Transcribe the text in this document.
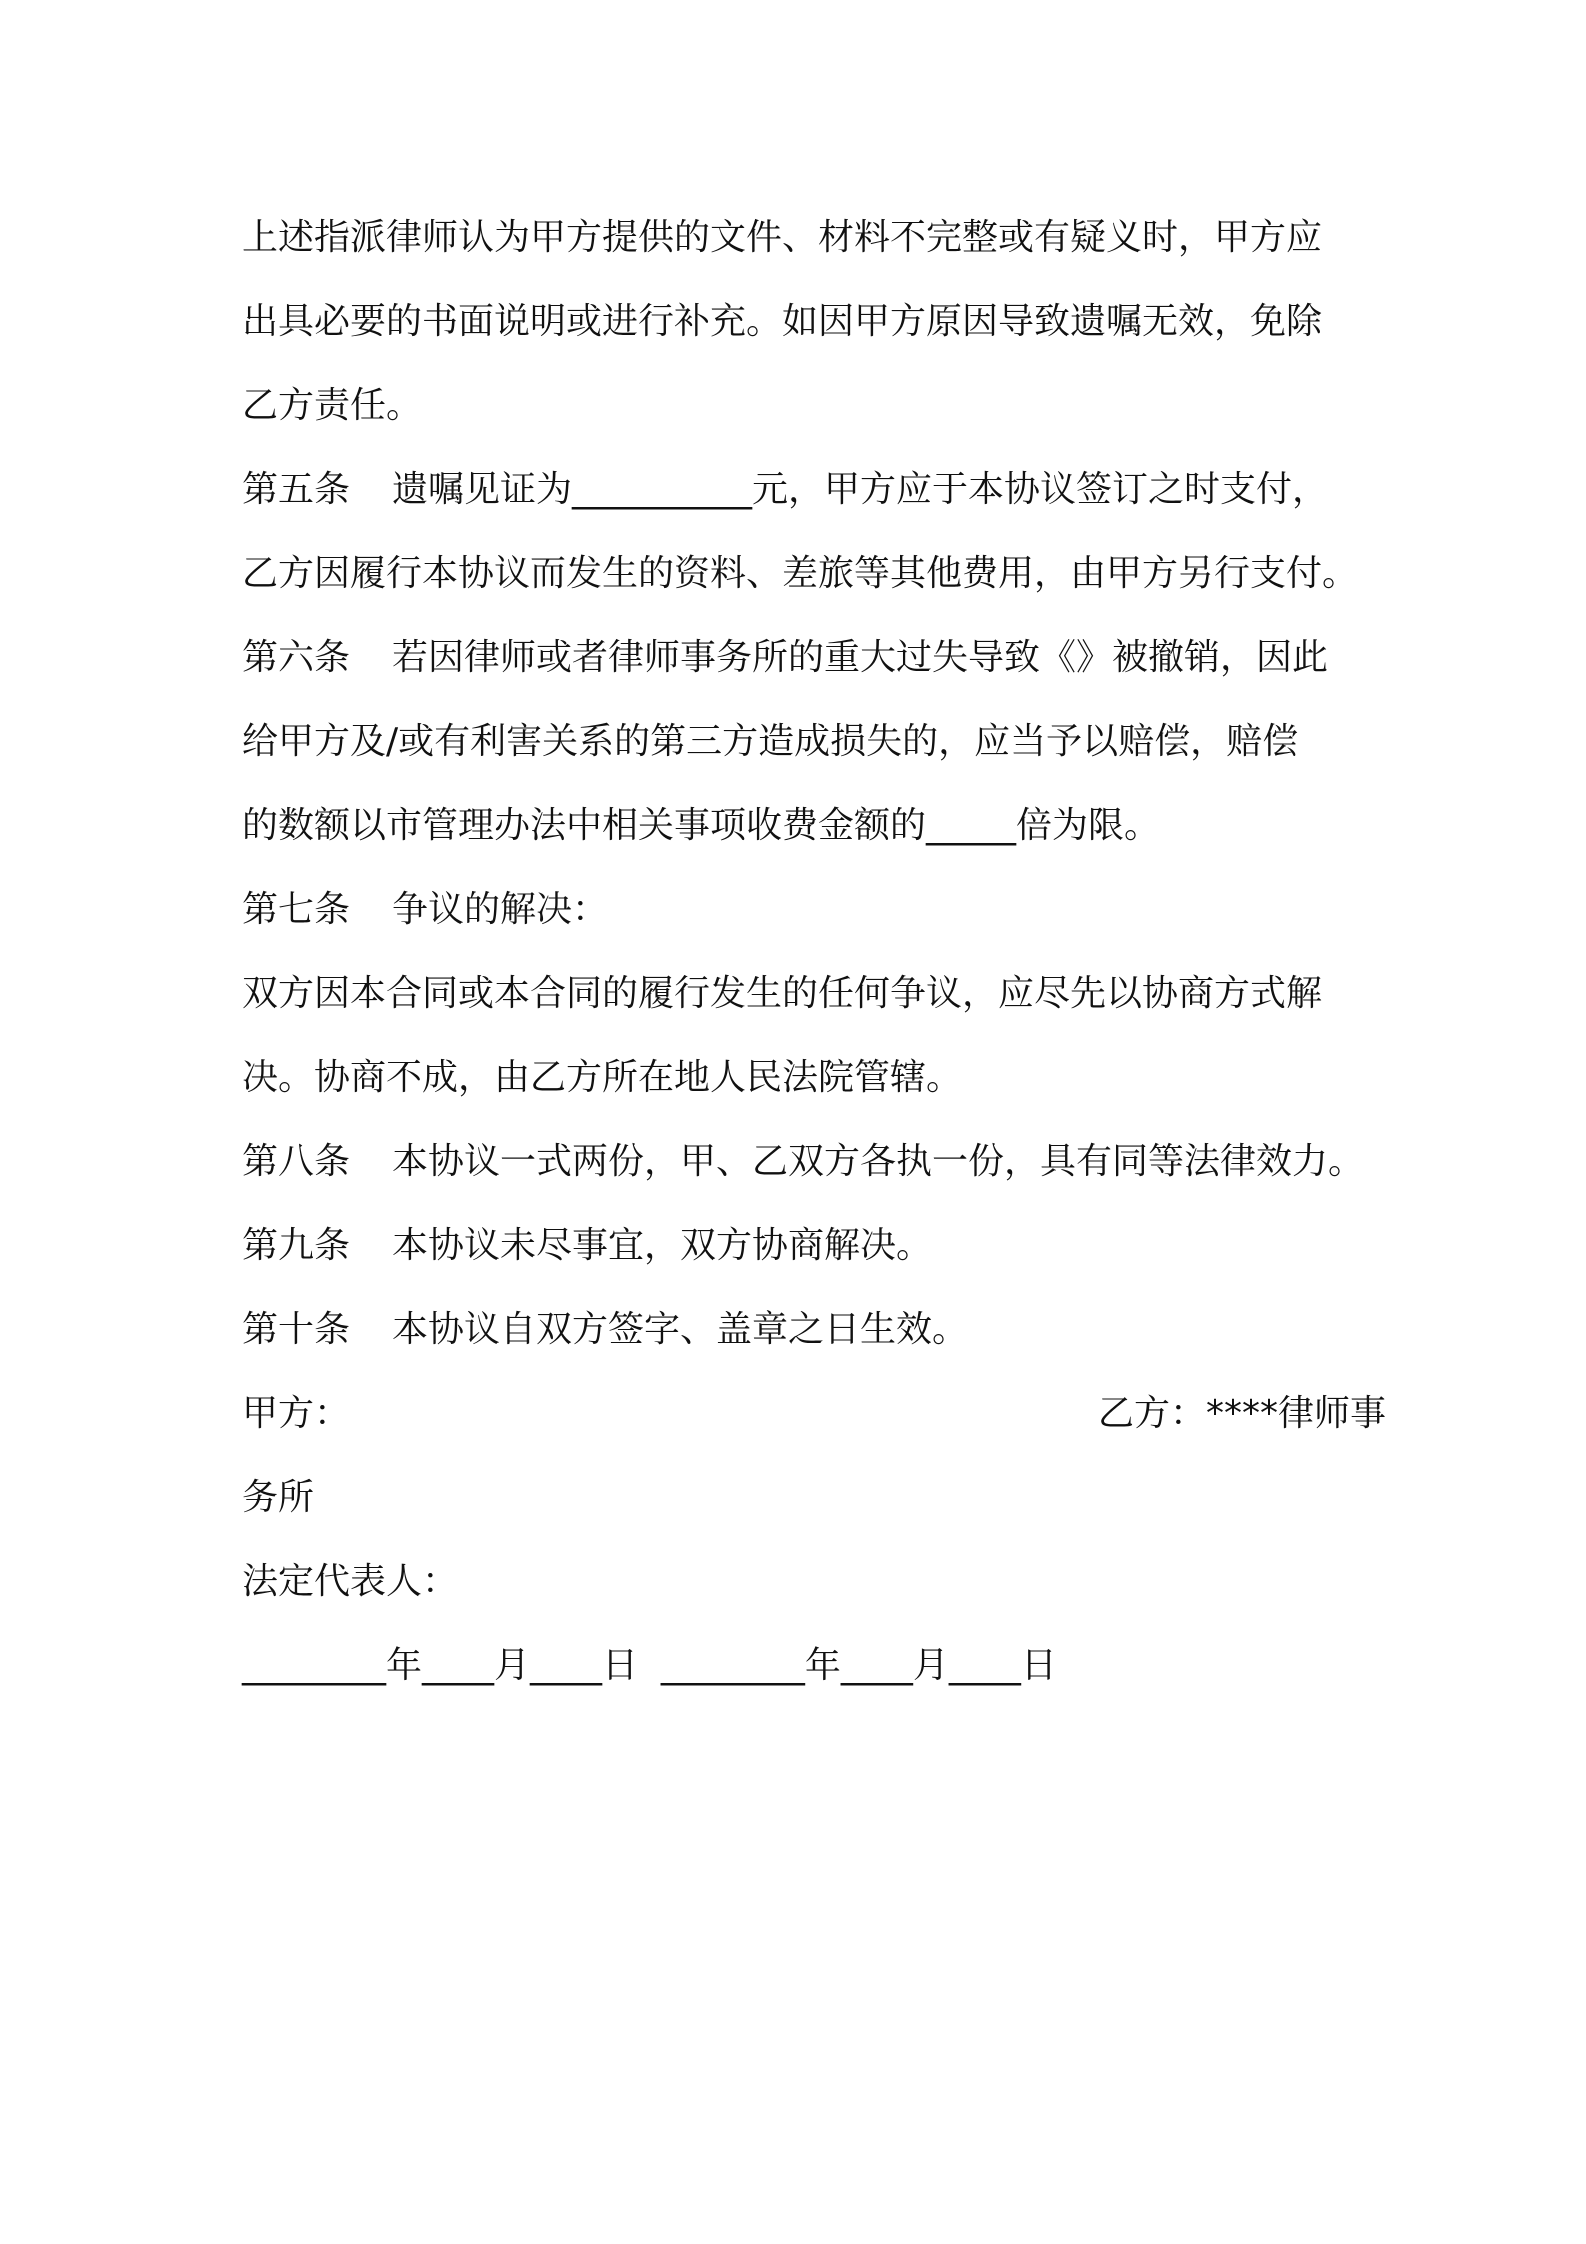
上述指派律师认为甲方提供的文件、材料不完整或有疑义时，甲方应
出具必要的书面说明或进行补充。如因甲方原因导致遗嘱无效，免除
乙方责任。
第五条 遗嘱见证为__________元，甲方应于本协议签订之时支付，
乙方因履行本协议而发生的资料、差旅等其他费用，由甲方另行支付。
第六条 若因律师或者律师事务所的重大过失导致《》被撤销，因此
给甲方及/或有利害关系的第三方造成损失的，应当予以赔偿，赔偿
的数额以市管理办法中相关事项收费金额的_____倍为限。
第七条 争议的解决：
双方因本合同或本合同的履行发生的任何争议，应尽先以协商方式解
决。协商不成，由乙方所在地人民法院管辖。
第八条 本协议一式两份，甲、乙双方各执一份，具有同等法律效力。
第九条 本协议未尽事宜，双方协商解决。
第十条 本协议自双方签字、盖章之日生效。
甲方：	乙方：****律师事
务所
法定代表人：
________年____月____日  ________年____月____日
